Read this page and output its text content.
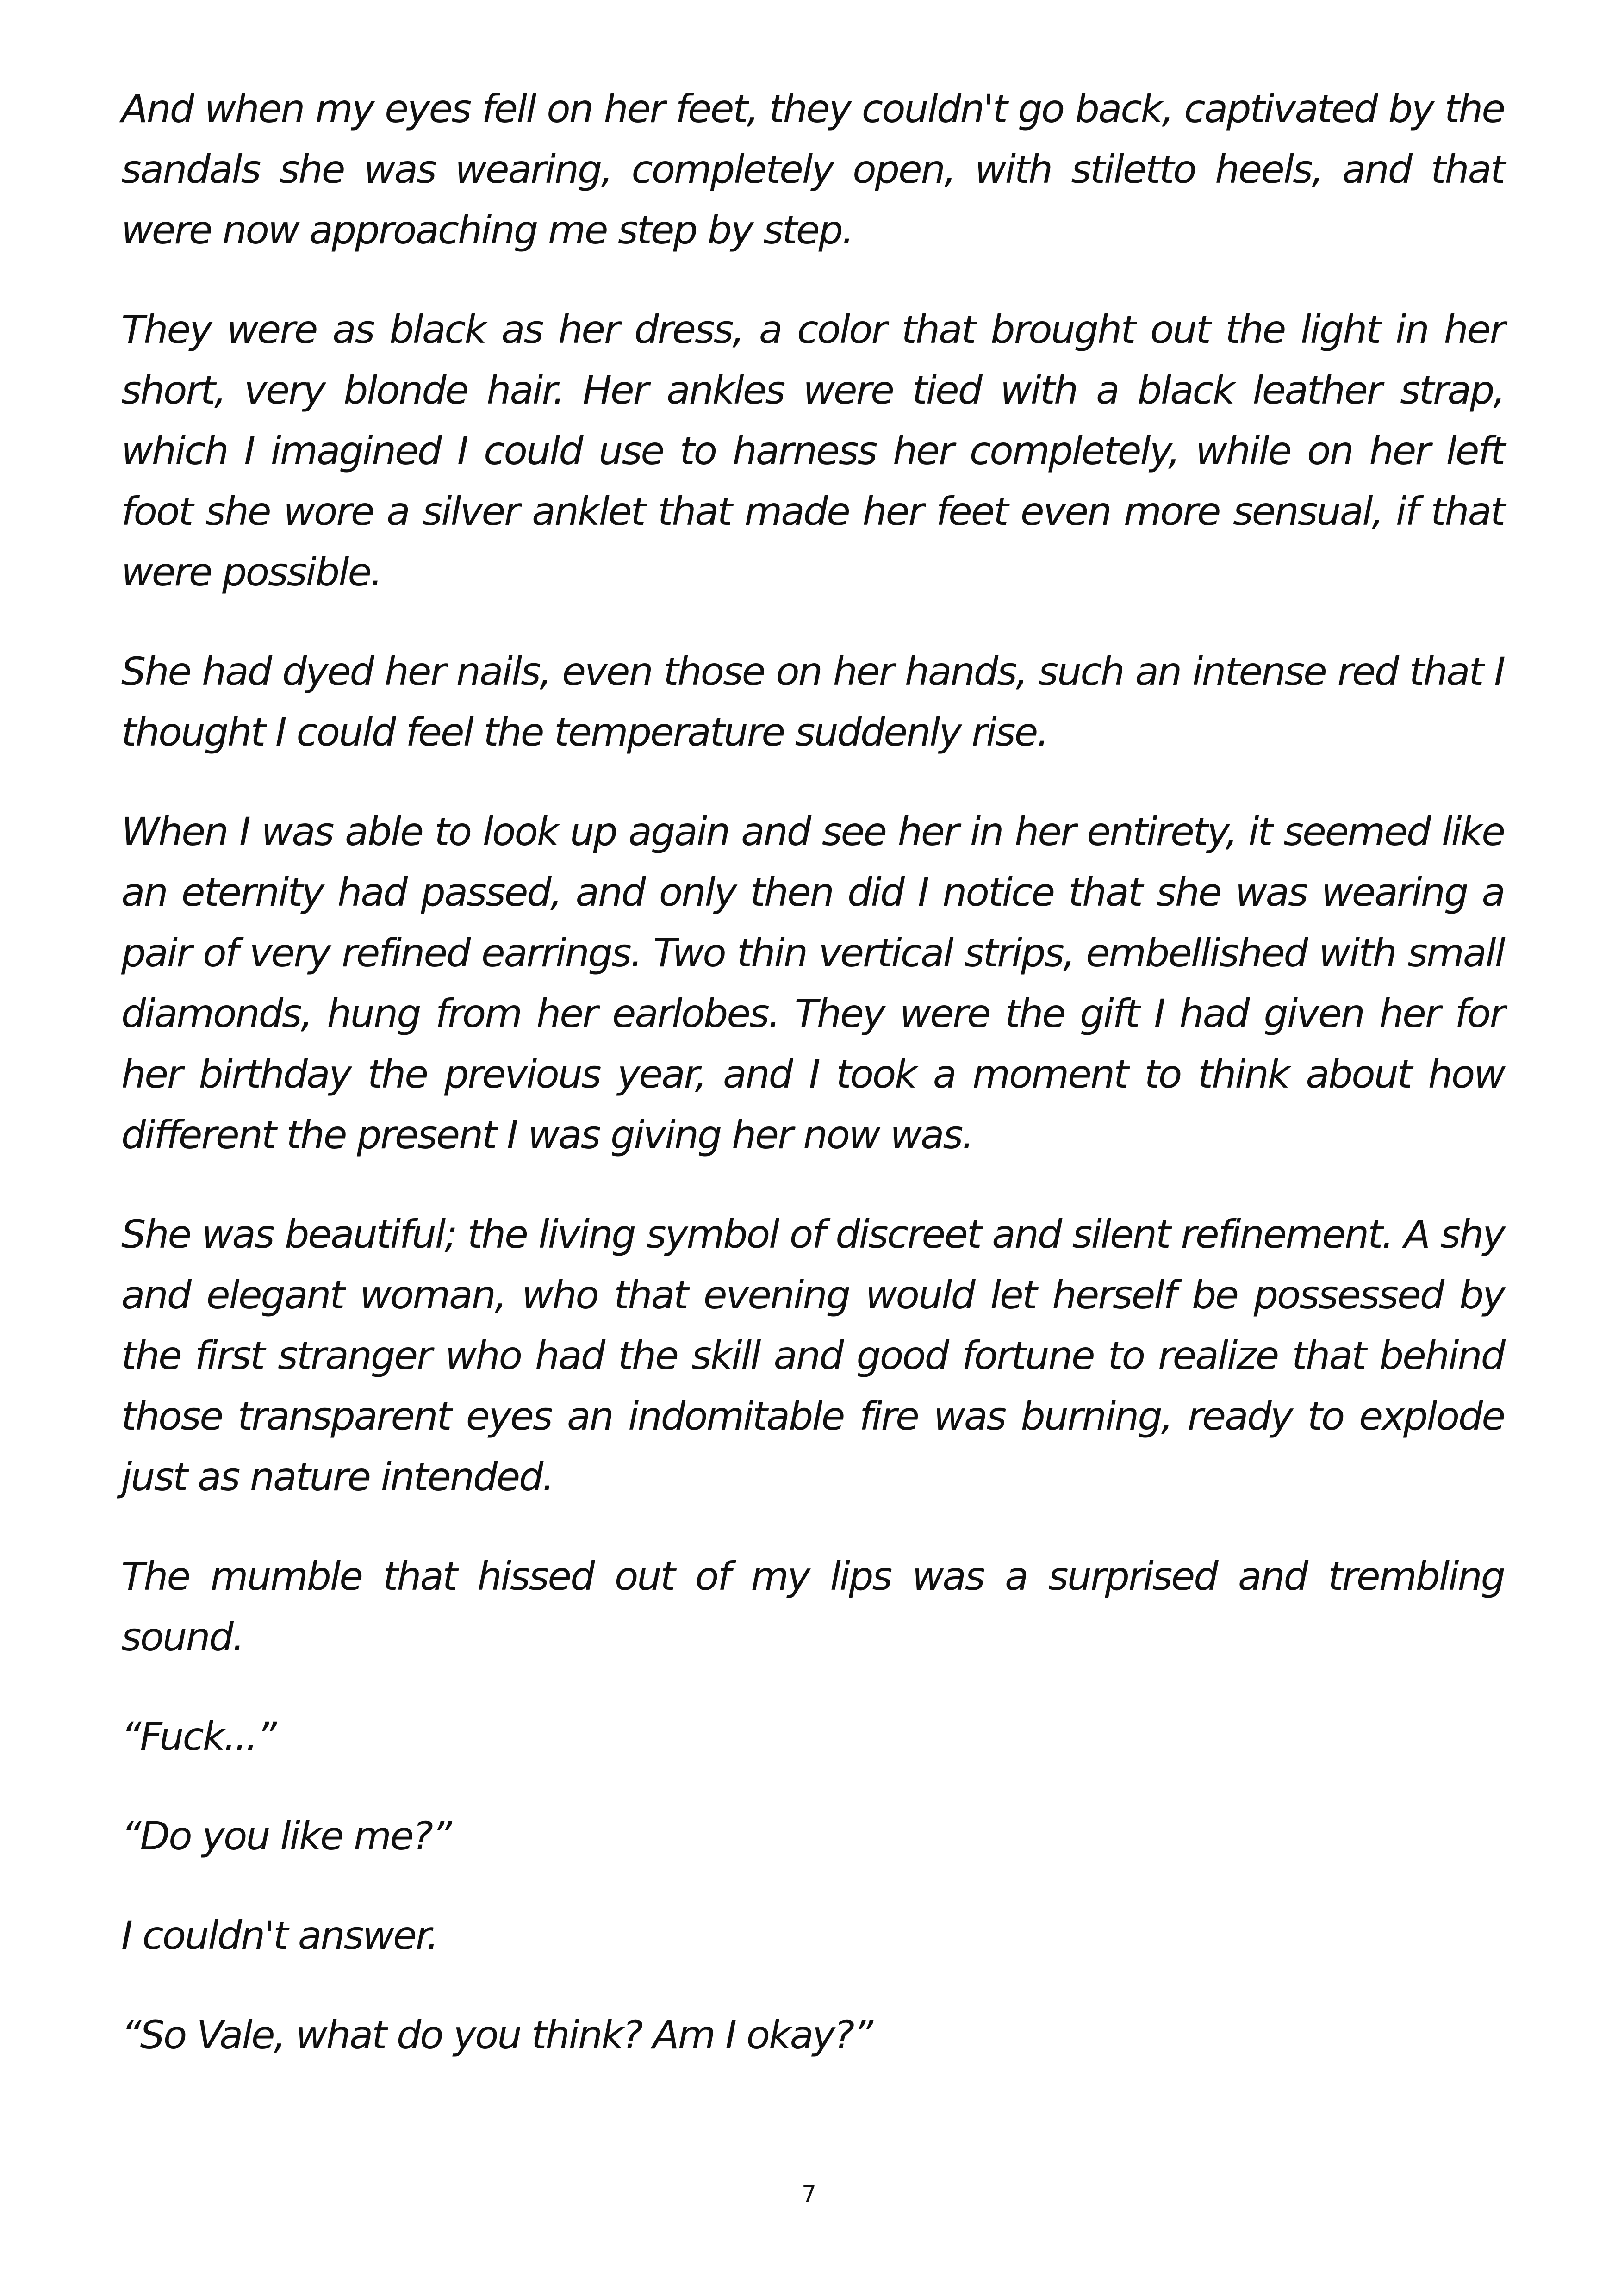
And when my eyes fell on her feet, they couldn't go back, captivated by the sandals she was wearing, completely open, with stiletto heels, and that were now approaching me step by step.

They were as black as her dress, a color that brought out the light in her short, very blonde hair. Her ankles were tied with a black leather strap, which I imagined I could use to harness her completely, while on her left foot she wore a silver anklet that made her feet even more sensual, if that were possible.

She had dyed her nails, even those on her hands, such an intense red that I thought I could feel the temperature suddenly rise.

When I was able to look up again and see her in her entirety, it seemed like an eternity had passed, and only then did I notice that she was wearing a pair of very refined earrings. Two thin vertical strips, embellished with small diamonds, hung from her earlobes. They were the gift I had given her for her birthday the previous year, and I took a moment to think about how different the present I was giving her now was.

She was beautiful; the living symbol of discreet and silent refinement. A shy and elegant woman, who that evening would let herself be possessed by the first stranger who had the skill and good fortune to realize that behind those transparent eyes an indomitable fire was burning, ready to explode just as nature intended.

The mumble that hissed out of my lips was a surprised and trembling sound.

“Fuck...”

“Do you like me?”

I couldn't answer.

“So Vale, what do you think? Am I okay?”

7
